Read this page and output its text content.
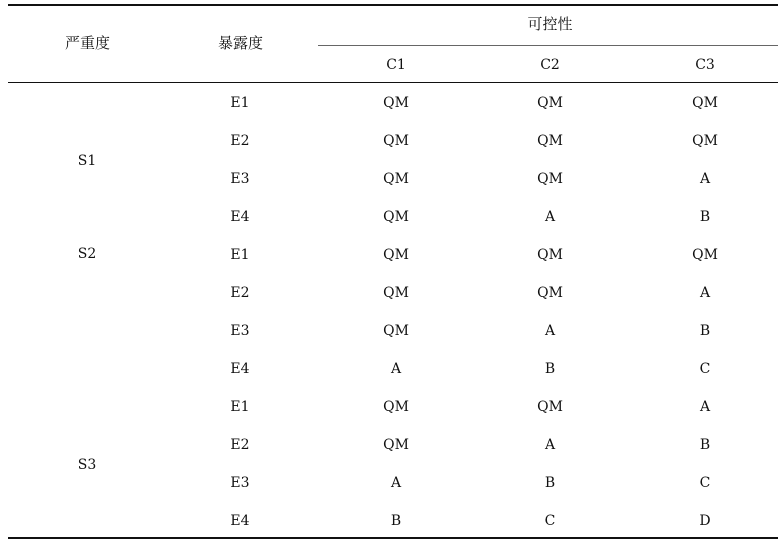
严重度	暴露度
可控性
C1	C2	C3
S1
E1	QM	QM	QM
E2	QM	QM	QM
E3	QM	QM	A
E4	QM	A	B
S2	E1	QM	QM	QM
E2	QM	QM	A
E3	QM	A	B
E4	A	B	C
S3
E1	QM	QM	A
E2	QM	A	B
E3	A	B	C
E4	B	C	D
